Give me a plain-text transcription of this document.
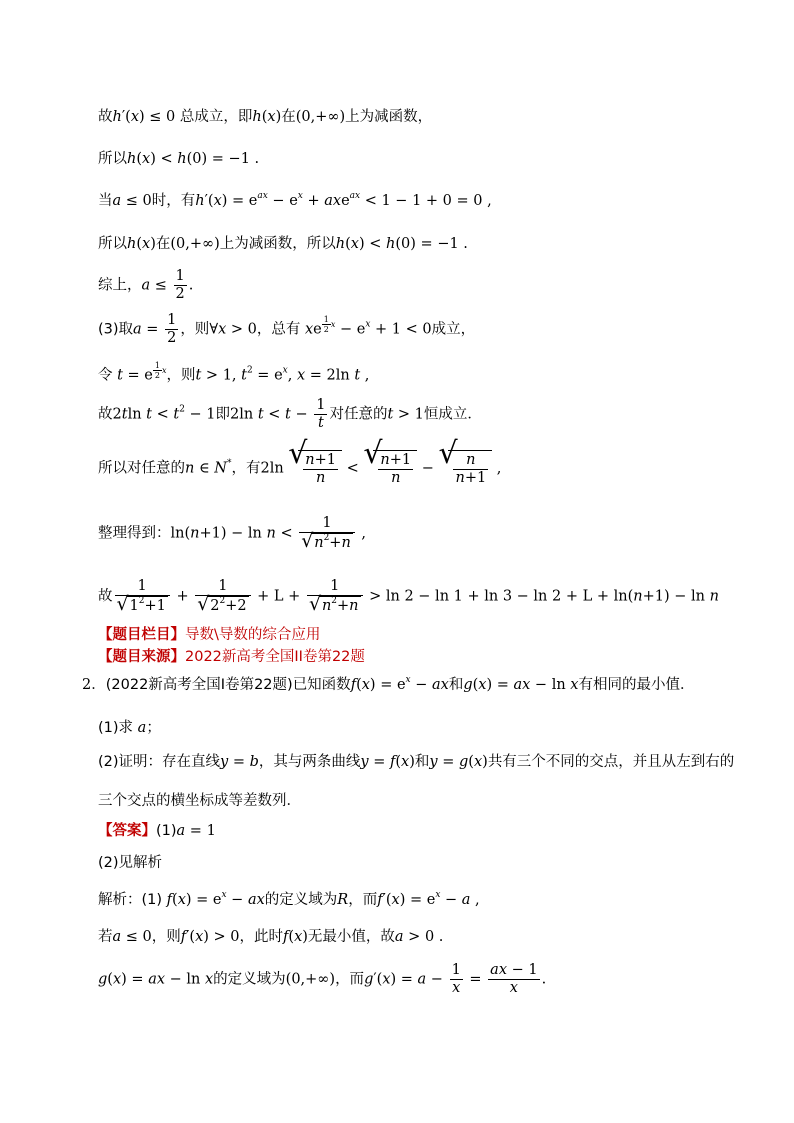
故h′(x) ≤ 0 总成立，即h(x)在(0,+∞)上为减函数，
所以h(x) < h(0) = −1 .
当a ≤ 0时，有$h'(x) = e^{ax} - e^x + axe^{ax} < 1 - 1 + 0 = 0$ ,
所以h(x)在(0,+∞)上为减函数，所以h(x) < h(0) = −1 .
综上，$a \le \frac{1}{2}$ .
(3)取$a = \frac{1}{2}$ ，则∀x > 0，总有 xe $^{\frac{1}{2} x} - e^x + 1 < 0$成立，
令 t = e $^{\frac{1}{2} x}$，则t > 1, $t^2 = e^x$, x = 2ln t ,
故2tln $t < t^2 - 1$即2ln $t < t - \frac{1}{t}$ 对任意的t > 1恒成立．
所以对任意的n ∈ N*，有2ln √ $\frac{n+1}{n}$ < √ $\frac{n+1}{n}$ − √ $\frac{n}{n+1}$ ,
整理得到：ln(n+1) − ln n < 1
√ $n^2+n$ ,
故 1
√ $1^2+1 + 1$
√ $2^2+2 + L + 1$
√ $n^2+n > \ln 2 - \ln 1 + \ln 3 - \ln 2 + L + \ln(n+1) - \ln n$
【题目栏目】导数\导数的综合应用
【题目来源】2022新高考全国II卷第22题
2．(2022新高考全国I卷第22题)已知函数$f(x) = e^x$ − ax和g(x) = ax − ln x有相同的最小值．
(1)求 a；
(2)证明：存在直线y = b，其与两条曲线y = f(x)和y = g(x)共有三个不同的交点，并且从左到右的
三个交点的横坐标成等差数列．
【答案】(1)a = 1
(2)见解析
解析：(1) $f(x) = e^x$ − ax的定义域为R，而$f'(x) = e^x - a$ ,
若a ≤ 0，则f′(x) > 0，此时f(x)无最小值，故a > 0 .
g(x) = ax − ln x的定义域为(0,+∞)，而$g'(x) = a - \frac{1}{x} = \frac{ax - 1}{x}$ .
